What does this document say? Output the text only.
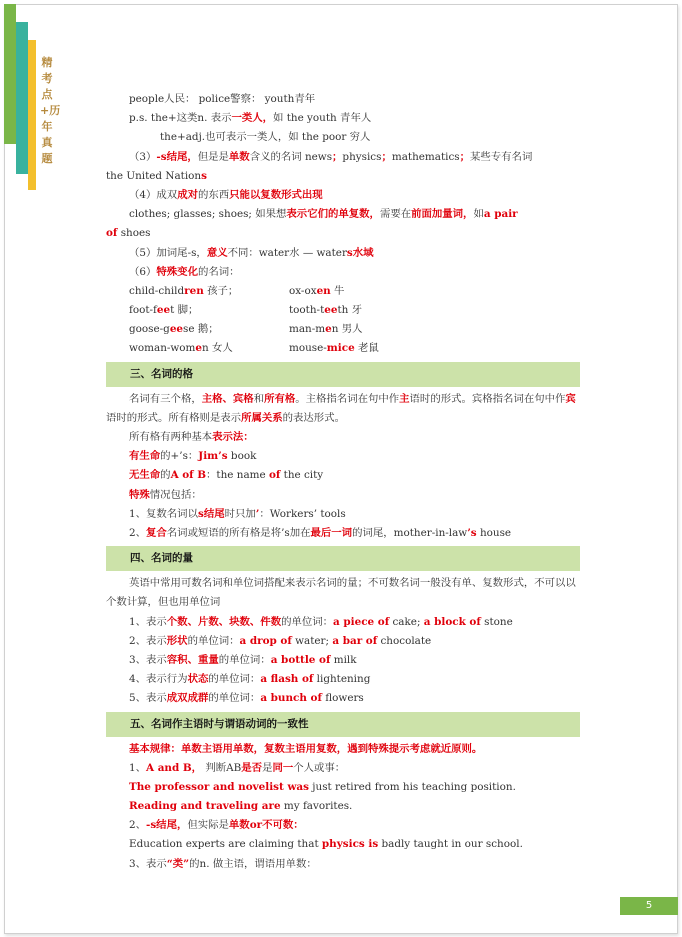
精考点+历年真题
people人民： police警察： youth青年
p.s. the+这类n. 表示一类人，如 the youth 青年人
the+adj.也可表示一类人，如 the poor 穷人
（3）-s结尾，但是是单数含义的名词 news；physics；mathematics；某些专有名词
the United Nations
（4）成双成对的东西只能以复数形式出现
clothes; glasses; shoes; 如果想表示它们的单复数，需要在前面加量词，如a pair
of shoes
（5）加词尾-s，意义不同：water水 — waters水域
（6）特殊变化的名词：
child-children 孩子；	ox-oxen 牛
foot-feet 脚；	tooth-teeth 牙
goose-geese 鹅；	man-men 男人
woman-women 女人	mouse-mice 老鼠
三、名词的格
名词有三个格，主格、宾格和所有格。主格指名词在句中作主语时的形式。宾格指名词在句中作宾语时的形式。所有格则是表示所属关系的表达形式。
所有格有两种基本表示法：
有生命的+’s：Jim’s book
无生命的A of B：the name of the city
特殊情况包括：
1、复数名词以s结尾时只加’：Workers’ tools
2、复合名词或短语的所有格是将’s加在最后一词的词尾，mother-in-law’s house
四、名词的量
英语中常用可数名词和单位词搭配来表示名词的量；不可数名词一般没有单、复数形式，不可以以个数计算，但也用单位词
1、表示个数、片数、块数、件数的单位词：a piece of cake; a block of stone
2、表示形状的单位词：a drop of water; a bar of chocolate
3、表示容积、重量的单位词：a bottle of milk
4、表示行为状态的单位词：a flash of lightening
5、表示成双成群的单位词：a bunch of flowers
五、名词作主语时与谓语动词的一致性
基本规律：单数主语用单数，复数主语用复数，遇到特殊提示考虑就近原则。
1、A and B， 判断AB是否是同一个人或事：
The professor and novelist was just retired from his teaching position.
Reading and traveling are my favorites.
2、-s结尾，但实际是单数or不可数：
Education experts are claiming that physics is badly taught in our school.
3、表示“类”的n. 做主语，谓语用单数：
5
